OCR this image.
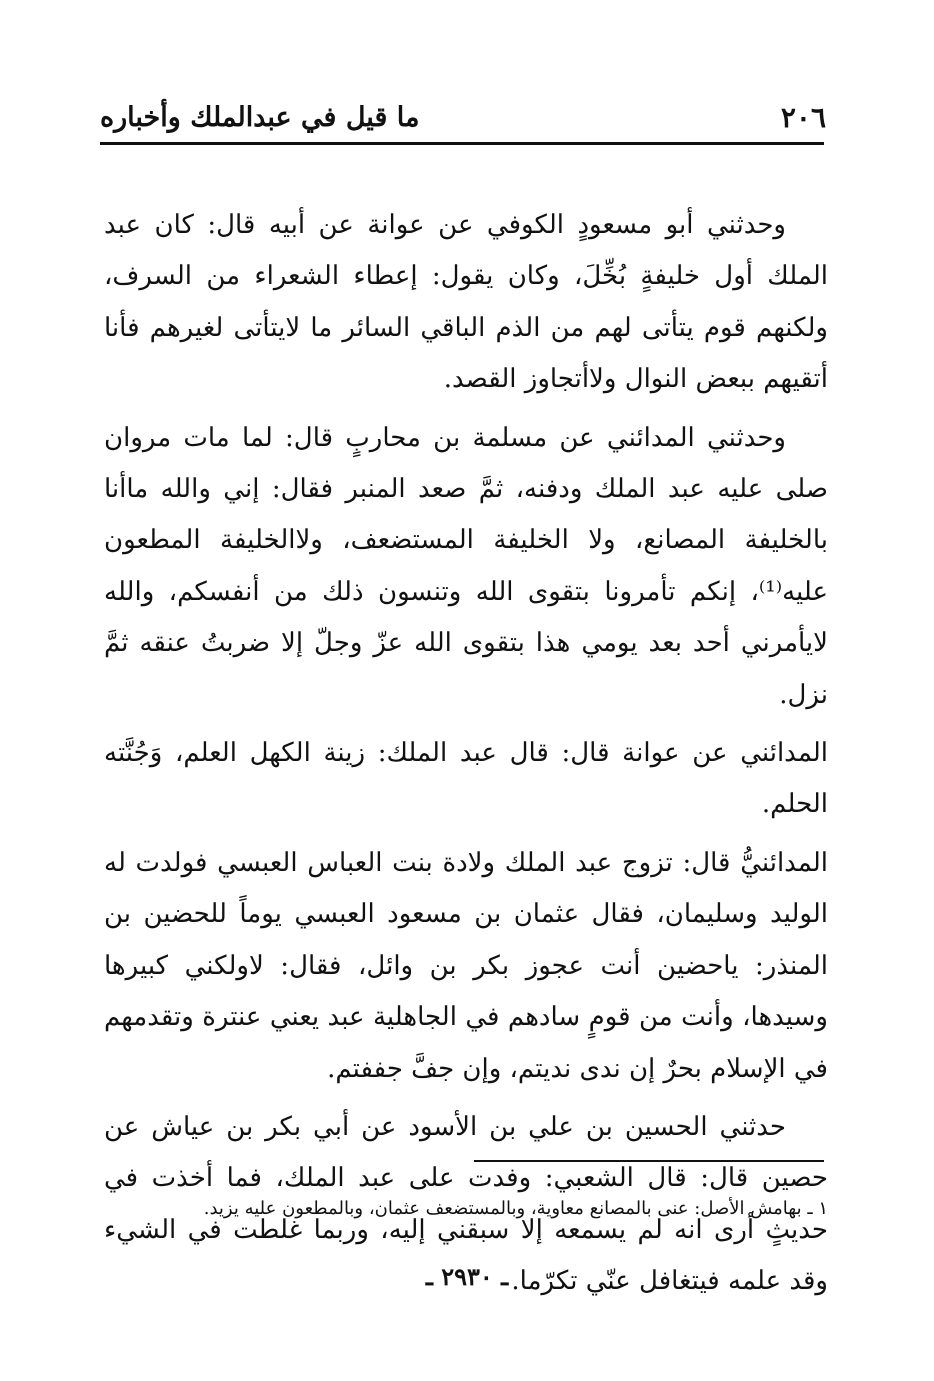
٢٠٦
ما قيل في عبدالملك وأخباره

وحدثني أبو مسعودٍ الكوفي عن عوانة عن أبيه قال: كان عبد الملك أول خليفةٍ بُخِّلَ، وكان يقول: إعطاء الشعراء من السرف، ولكنهم قوم يتأتى لهم من الذم الباقي السائر ما لايتأتى لغيرهم فأنا أتقيهم ببعض النوال ولاأتجاوز القصد.

وحدثني المدائني عن مسلمة بن محاربٍ قال: لما مات مروان صلى عليه عبد الملك ودفنه، ثمَّ صعد المنبر فقال: إني والله ماأنا بالخليفة المصانع، ولا الخليفة المستضعف، ولاالخليفة المطعون عليه⁽¹⁾، إنكم تأمرونا بتقوى الله وتنسون ذلك من أنفسكم، والله لايأمرني أحد بعد يومي هذا بتقوى الله عزّ وجلّ إلا ضربتُ عنقه ثمَّ نزل.

المدائني عن عوانة قال: قال عبد الملك: زينة الكهل العلم، وَجُنَّته الحلم.

المدائنيُّ قال: تزوج عبد الملك ولادة بنت العباس العبسي فولدت له الوليد وسليمان، فقال عثمان بن مسعود العبسي يوماً للحضين بن المنذر: ياحضين أنت عجوز بكر بن وائل، فقال: لاولكني كبيرها وسيدها، وأنت من قومٍ سادهم في الجاهلية عبد يعني عنترة وتقدمهم في الإسلام بحرٌ إن ندى نديتم، وإن جفَّ جففتم.

حدثني الحسين بن علي بن الأسود عن أبي بكر بن عياش عن حصين قال: قال الشعبي: وفدت على عبد الملك، فما أخذت في حديثٍ أرى انه لم يسمعه إلا سبقني إليه، وربما غلطت في الشيء وقد علمه فيتغافل عنّي تكرّما.

١ ـ بهامش الأصل: عنى بالمصانع معاوية، وبالمستضعف عثمان، وبالمطعون عليه يزيد.
ـ ٢٩٣٠ ـ
